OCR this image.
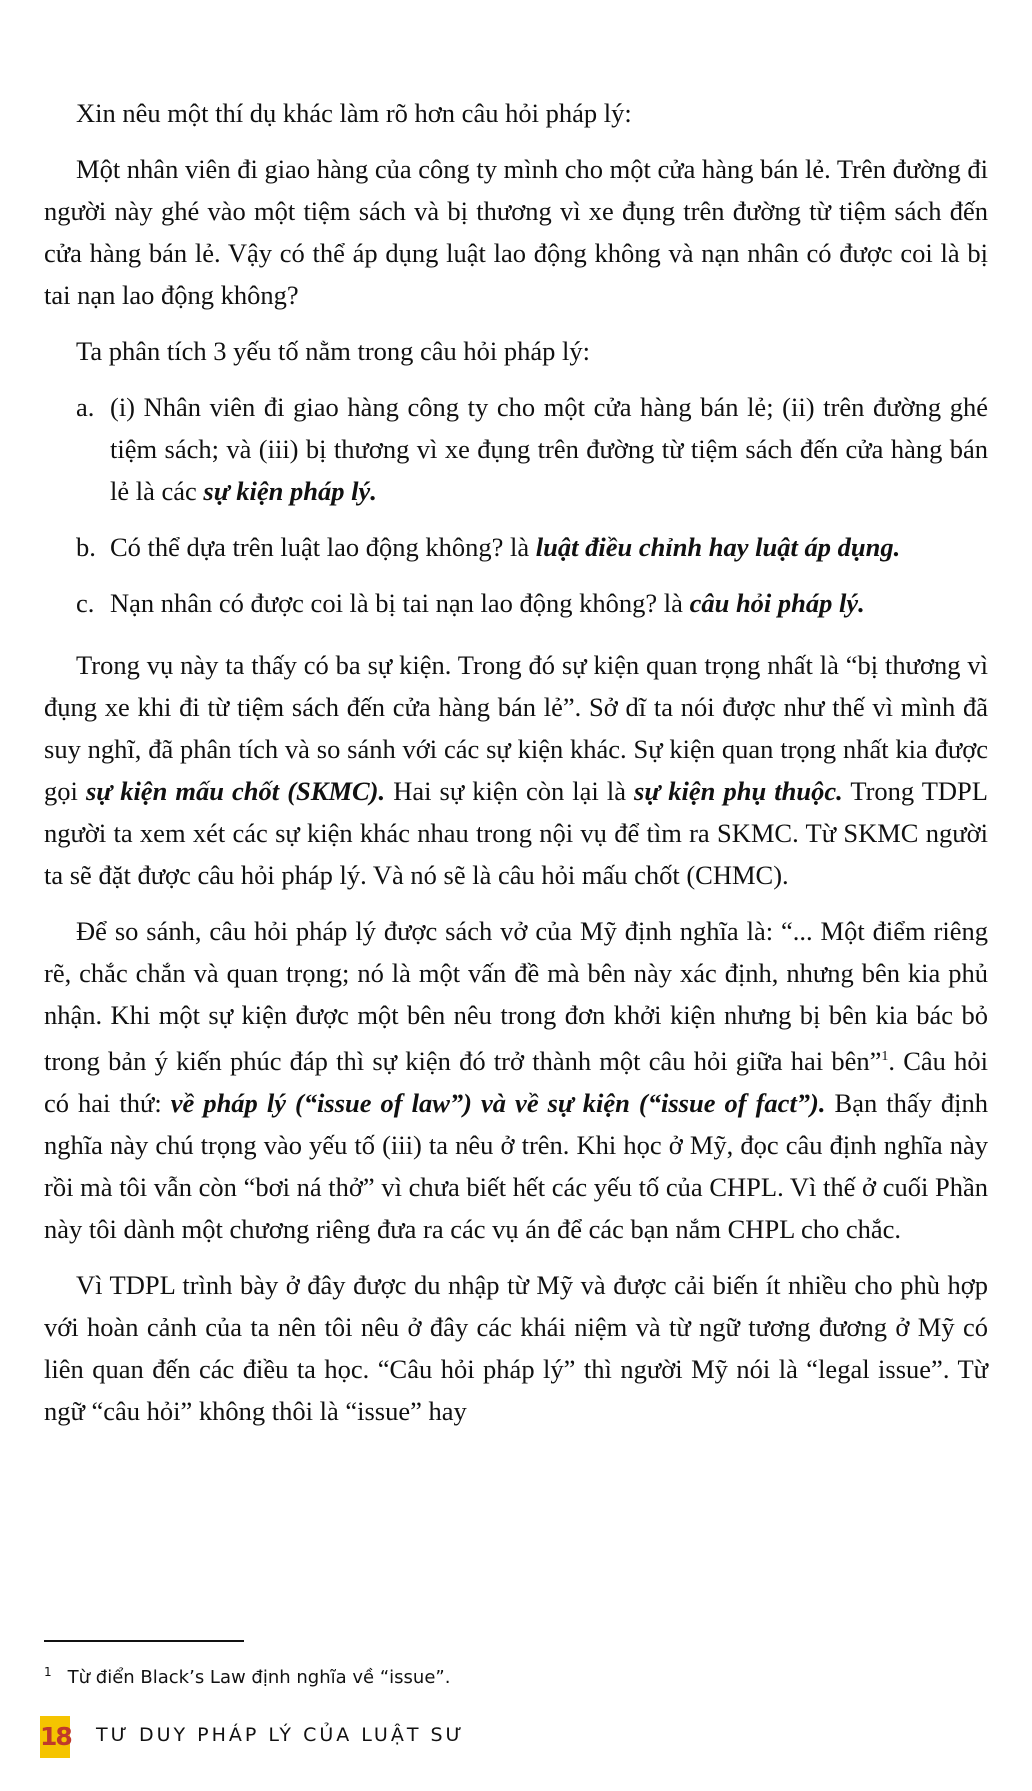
Xin nêu một thí dụ khác làm rõ hơn câu hỏi pháp lý:

Một nhân viên đi giao hàng của công ty mình cho một cửa hàng bán lẻ. Trên đường đi người này ghé vào một tiệm sách và bị thương vì xe đụng trên đường từ tiệm sách đến cửa hàng bán lẻ. Vậy có thể áp dụng luật lao động không và nạn nhân có được coi là bị tai nạn lao động không?

Ta phân tích 3 yếu tố nằm trong câu hỏi pháp lý:

a. (i) Nhân viên đi giao hàng công ty cho một cửa hàng bán lẻ; (ii) trên đường ghé tiệm sách; và (iii) bị thương vì xe đụng trên đường từ tiệm sách đến cửa hàng bán lẻ là các sự kiện pháp lý.
b. Có thể dựa trên luật lao động không? là luật điều chỉnh hay luật áp dụng.
c. Nạn nhân có được coi là bị tai nạn lao động không? là câu hỏi pháp lý.

Trong vụ này ta thấy có ba sự kiện. Trong đó sự kiện quan trọng nhất là “bị thương vì đụng xe khi đi từ tiệm sách đến cửa hàng bán lẻ”. Sở dĩ ta nói được như thế vì mình đã suy nghĩ, đã phân tích và so sánh với các sự kiện khác. Sự kiện quan trọng nhất kia được gọi sự kiện mấu chốt (SKMC). Hai sự kiện còn lại là sự kiện phụ thuộc. Trong TDPL người ta xem xét các sự kiện khác nhau trong nội vụ để tìm ra SKMC. Từ SKMC người ta sẽ đặt được câu hỏi pháp lý. Và nó sẽ là câu hỏi mấu chốt (CHMC).

Để so sánh, câu hỏi pháp lý được sách vở của Mỹ định nghĩa là: “... Một điểm riêng rẽ, chắc chắn và quan trọng; nó là một vấn đề mà bên này xác định, nhưng bên kia phủ nhận. Khi một sự kiện được một bên nêu trong đơn khởi kiện nhưng bị bên kia bác bỏ trong bản ý kiến phúc đáp thì sự kiện đó trở thành một câu hỏi giữa hai bên”$^1$. Câu hỏi có hai thứ: về pháp lý (“issue of law”) và về sự kiện (“issue of fact”). Bạn thấy định nghĩa này chú trọng vào yếu tố (iii) ta nêu ở trên. Khi học ở Mỹ, đọc câu định nghĩa này rồi mà tôi vẫn còn “bơi ná thở” vì chưa biết hết các yếu tố của CHPL. Vì thế ở cuối Phần này tôi dành một chương riêng đưa ra các vụ án để các bạn nắm CHPL cho chắc.

Vì TDPL trình bày ở đây được du nhập từ Mỹ và được cải biến ít nhiều cho phù hợp với hoàn cảnh của ta nên tôi nêu ở đây các khái niệm và từ ngữ tương đương ở Mỹ có liên quan đến các điều ta học. “Câu hỏi pháp lý” thì người Mỹ nói là “legal issue”. Từ ngữ “câu hỏi” không thôi là “issue” hay

$^1$ Từ điển Black’s Law định nghĩa về “issue”.
18 TƯ DUY PHÁP LÝ CỦA LUẬT SƯ
